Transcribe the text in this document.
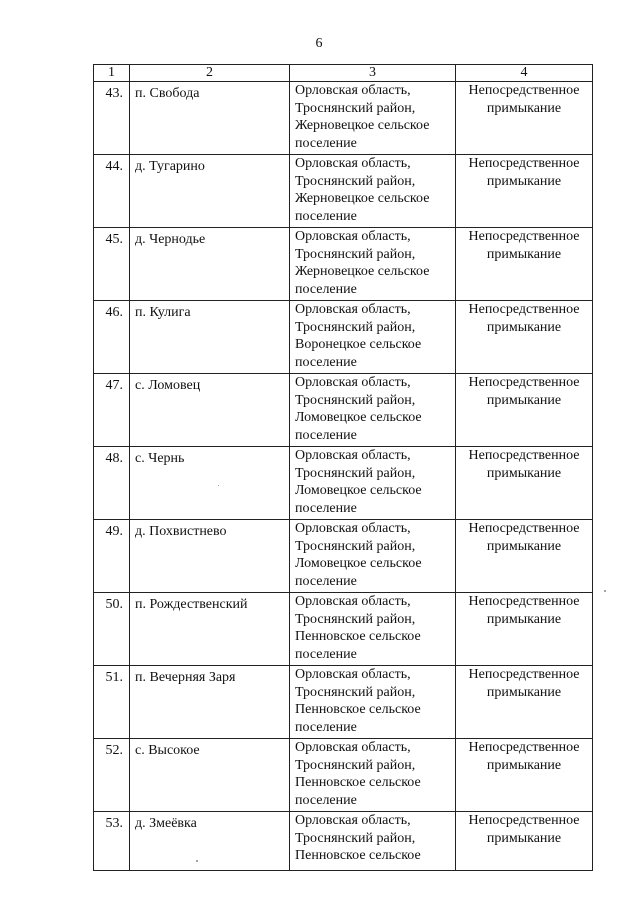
6
1	2	3	4
43.	п. Свобода	Орловская область,
Троснянский район,
Жерновецкое сельское
поселение	Непосредственное
примыкание

44.	д. Тугарино	Орловская область,
Троснянский район,
Жерновецкое сельское
поселение	Непосредственное
примыкание

45.	д. Чернодье	Орловская область,
Троснянский район,
Жерновецкое сельское
поселение	Непосредственное
примыкание

46.	п. Кулига	Орловская область,
Троснянский район,
Воронецкое сельское
поселение	Непосредственное
примыкание

47.	с. Ломовец	Орловская область,
Троснянский район,
Ломовецкое сельское
поселение	Непосредственное
примыкание

48.	с. Чернь	Орловская область,
Троснянский район,
Ломовецкое сельское
поселение	Непосредственное
примыкание

49.	д. Похвистнево	Орловская область,
Троснянский район,
Ломовецкое сельское
поселение	Непосредственное
примыкание

50.	п. Рождественский	Орловская область,
Троснянский район,
Пенновское сельское
поселение	Непосредственное
примыкание

51.	п. Вечерняя Заря	Орловская область,
Троснянский район,
Пенновское сельское
поселение	Непосредственное
примыкание

52.	с. Высокое	Орловская область,
Троснянский район,
Пенновское сельское
поселение	Непосредственное
примыкание

53.	д. Змеёвка	Орловская область,
Троснянский район,
Пенновское сельское	Непосредственное
примыкание
